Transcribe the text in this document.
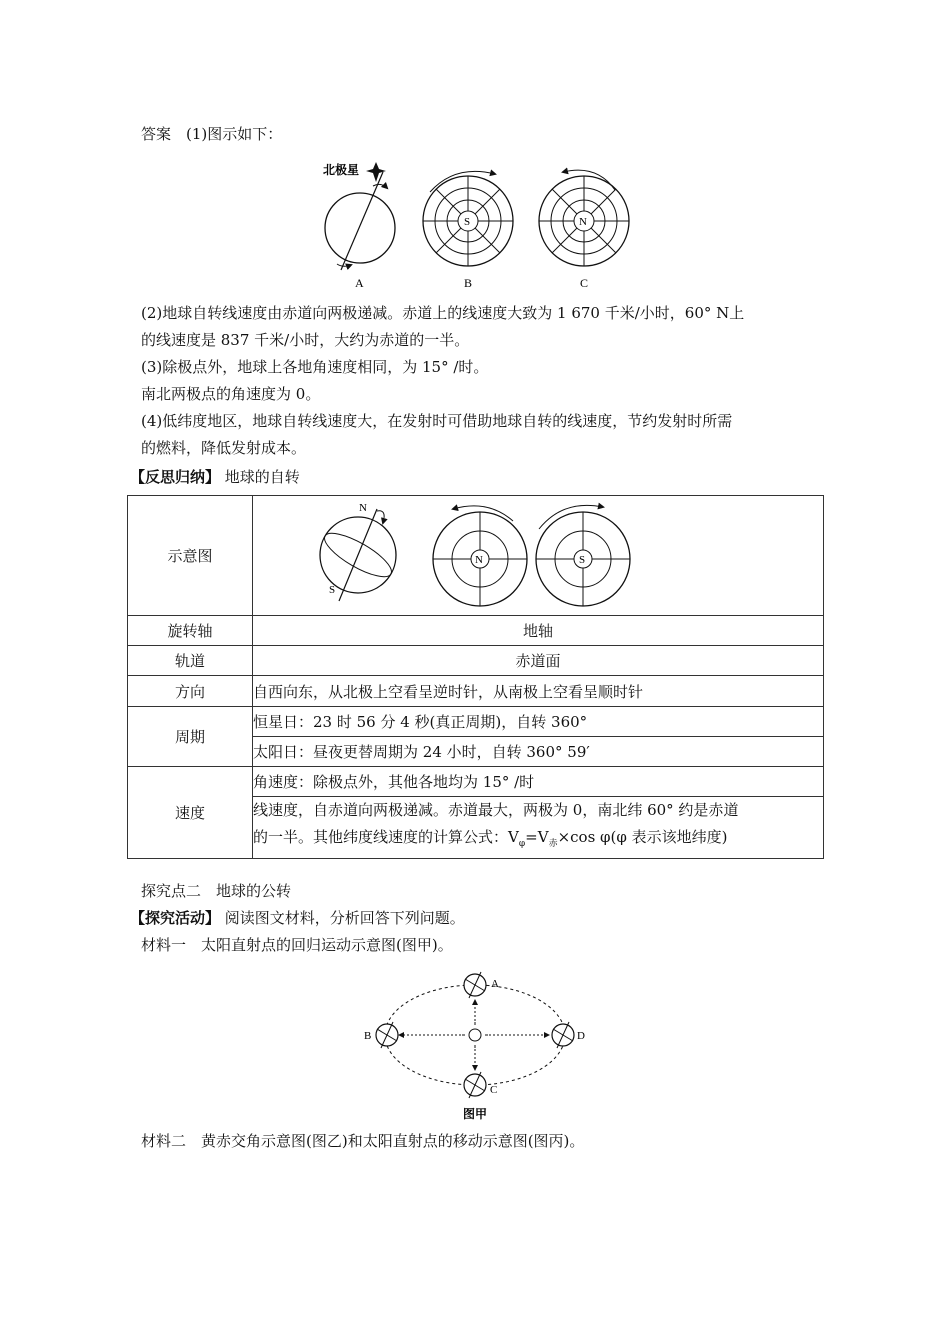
答案　(1)图示如下：
北极星
A
S
B
N
C
(2)地球自转线速度由赤道向两极递减。赤道上的线速度大致为 1 670 千米/小时，60° N上
的线速度是 837 千米/小时，大约为赤道的一半。
(3)除极点外，地球上各地角速度相同，为 15° /时。
南北两极点的角速度为 0。
(4)低纬度地区，地球自转线速度大，在发射时可借助地球自转的线速度，节约发射时所需
的燃料，降低发射成本。
【反思归纳】 地球的自转
示意图	N
S
N S

旋转轴	地轴
轨道	赤道面
方向	自西向东，从北极上空看呈逆时针，从南极上空看呈顺时针
周期	恒星日：23 时 56 分 4 秒(真正周期)，自转 360°
	太阳日：昼夜更替周期为 24 小时，自转 360° 59′
速度	角速度：除极点外，其他各地均为 15° /时
	线速度，自赤道向两极递减。赤道最大，两极为 0，南北纬 60° 约是赤道
的一半。其他纬度线速度的计算公式：$V_\varphi=V_赤\times\cos$ φ(φ 表示该地纬度)
探究点二　地球的公转
【探究活动】 阅读图文材料，分析回答下列问题。
材料一　太阳直射点的回归运动示意图(图甲)。
A
B
C
D
图甲
材料二　黄赤交角示意图(图乙)和太阳直射点的移动示意图(图丙)。
